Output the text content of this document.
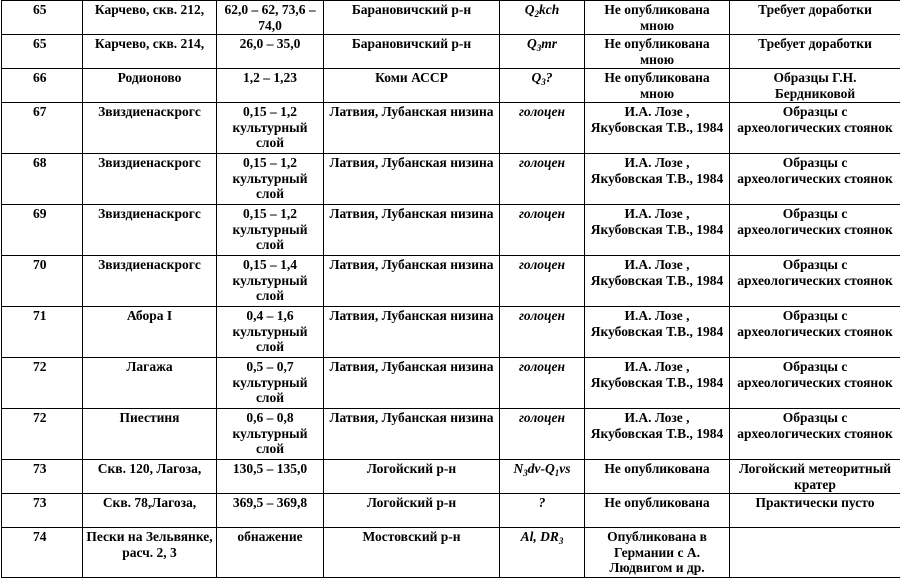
65	Карчево, скв. 212,	62,0 – 62, 73,6 – 74,0	Барановичский р-н	$Q_2kch$	Не опубликована мною	Требует доработки
65	Карчево, скв. 214,	26,0 – 35,0	Барановичский р-н	$Q_3mr$	Не опубликована мною	Требует доработки
66	Родионово	1,2 – 1,23	Коми АССР	$Q_3$?	Не опубликована мною	Образцы Г.Н. Бердниковой
67	Звиздиенаскрогс	0,15 – 1,2 культурный слой	Латвия, Лубанская низина	голоцен	И.А. Лозе , Якубовская Т.В., 1984	Образцы с археологических стоянок
68	Звиздиенаскрогс	0,15 – 1,2 культурный слой	Латвия, Лубанская низина	голоцен	И.А. Лозе , Якубовская Т.В., 1984	Образцы с археологических стоянок
69	Звиздиенаскрогс	0,15 – 1,2 культурный слой	Латвия, Лубанская низина	голоцен	И.А. Лозе , Якубовская Т.В., 1984	Образцы с археологических стоянок
70	Звиздиенаскрогс	0,15 – 1,4 культурный слой	Латвия, Лубанская низина	голоцен	И.А. Лозе , Якубовская Т.В., 1984	Образцы с археологических стоянок
71	Абора I	0,4 – 1,6 культурный слой	Латвия, Лубанская низина	голоцен	И.А. Лозе , Якубовская Т.В., 1984	Образцы с археологических стоянок
72	Лагажа	0,5 – 0,7 культурный слой	Латвия, Лубанская низина	голоцен	И.А. Лозе , Якубовская Т.В., 1984	Образцы с археологических стоянок
72	Пиестиня	0,6 – 0,8 культурный слой	Латвия, Лубанская низина	голоцен	И.А. Лозе , Якубовская Т.В., 1984	Образцы с археологических стоянок
73	Скв. 120, Лагоза,	130,5 – 135,0	Логойский р-н	$N_3dv-Q_1vs$	Не опубликована	Логойский метеоритный кратер
73	Скв. 78,Лагоза,	369,5 – 369,8	Логойский р-н	?	Не опубликована	Практически пусто
74	Пески на Зельвянке, расч. 2, 3	обнажение	Мостовский р-н	Al, $DR_3$	Опубликована в Германии с А. Людвигом и др.	
